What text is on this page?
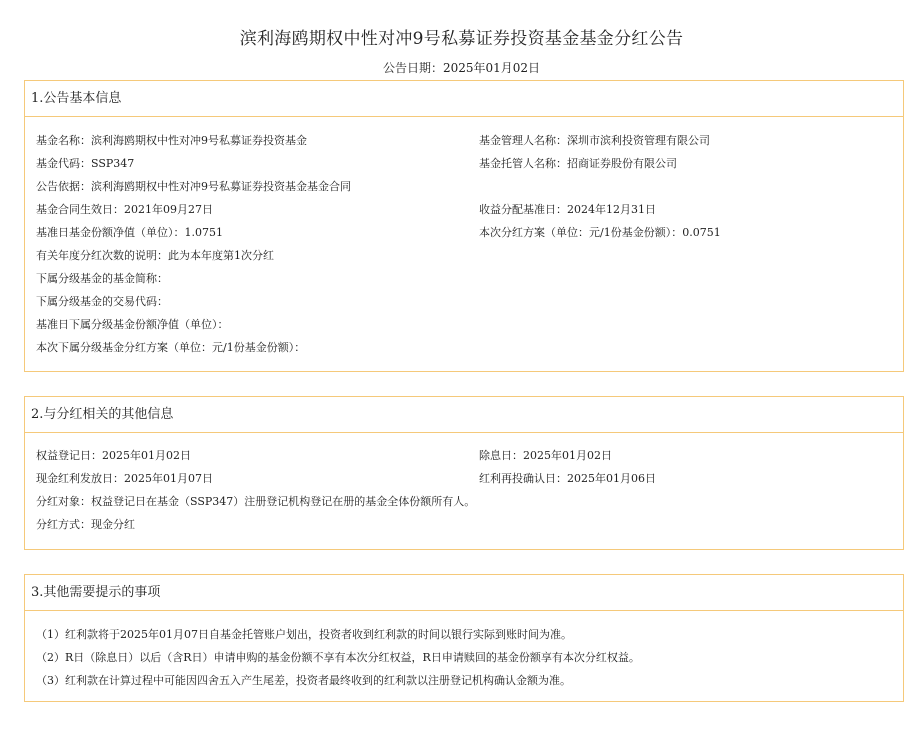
滨利海鸥期权中性对冲9号私募证券投资基金基金分红公告
公告日期：2025年01月02日
1.公告基本信息
基金名称 ： 滨利海鸥期权中性对冲9号私募证券投资基金	基金管理人名称 ： 深圳市滨利投资管理有限公司
基金代码 ： SSP347	基金托管人名称 ： 招商证券股份有限公司
公告依据 ： 滨利海鸥期权中性对冲9号私募证券投资基金基金合同
基金合同生效日 ： 2021年09月27日	收益分配基准日 ： 2024年12月31日
基准日基金份额净值（单位） ： 1.0751	本次分红方案（单位：元/1份基金份额） ： 0.0751
有关年度分红次数的说明 ： 此为本年度第1次分红
下属分级基金的基金简称 ：
下属分级基金的交易代码 ：
基准日下属分级基金份额净值（单位） ：
本次下属分级基金分红方案（单位：元/1份基金份额） ：
2.与分红相关的其他信息
权益登记日 ： 2025年01月02日	除息日 ： 2025年01月02日
现金红利发放日 ： 2025年01月07日	红利再投确认日 ： 2025年01月06日
分红对象 ： 权益登记日在基金（SSP347）注册登记机构登记在册的基金全体份额所有人。
分红方式 ： 现金分红
3.其他需要提示的事项
（1）红利款将于2025年01月07日自基金托管账户划出，投资者收到红利款的时间以银行实际到账时间为准。
（2）R日（除息日）以后（含R日）申请申购的基金份额不享有本次分红权益，R日申请赎回的基金份额享有本次分红权益。
（3）红利款在计算过程中可能因四舍五入产生尾差，投资者最终收到的红利款以注册登记机构确认金额为准。
